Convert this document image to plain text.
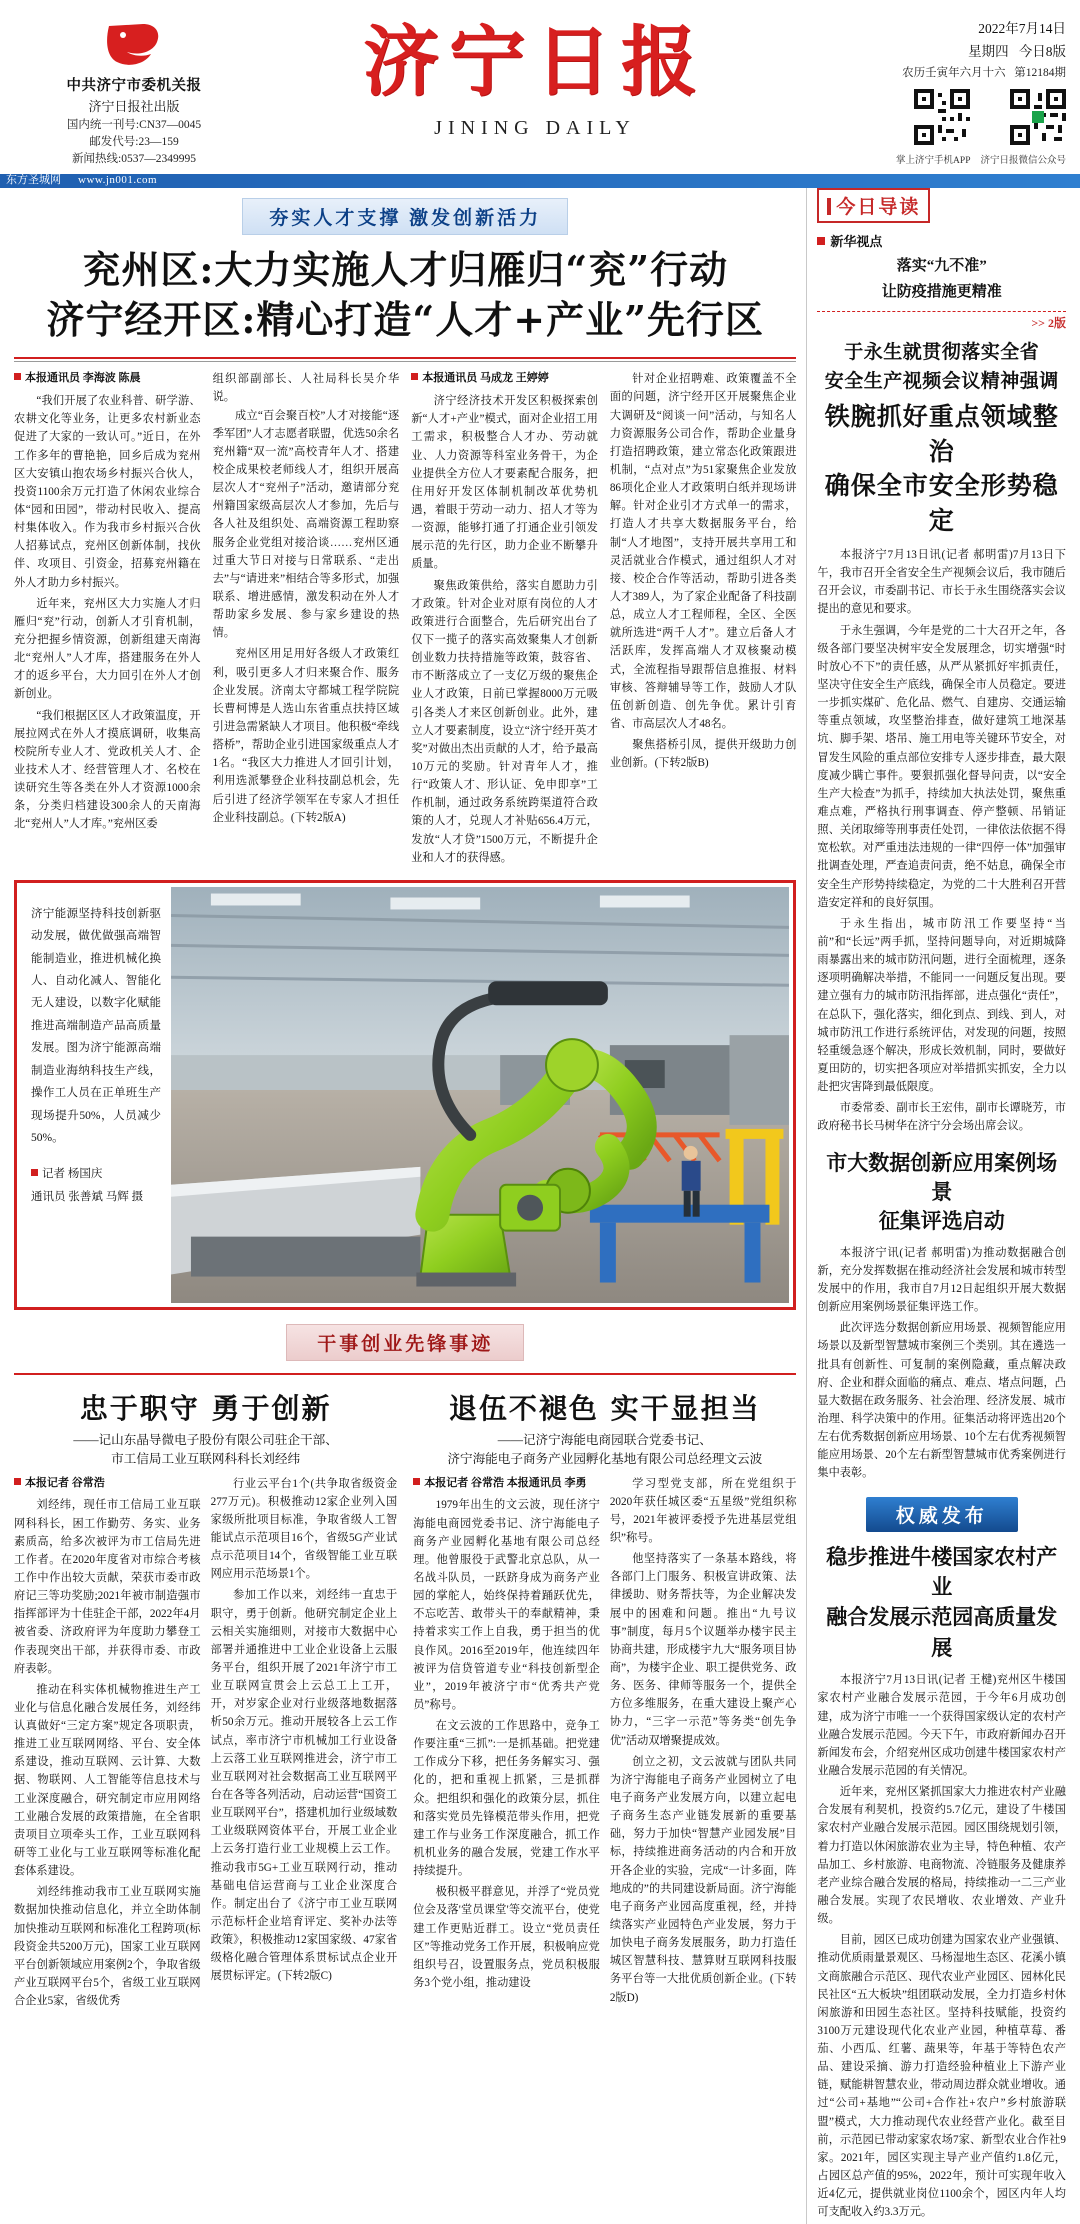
中共济宁市委机关报
济宁日报社出版
国内统一刊号:CN37—0045
邮发代号:23—159
新闻热线:0537—2349995
济宁日报
JINING DAILY
2022年7月14日
星期四 今日8版
农历壬寅年六月十六 第12184期
掌上济宁手机APP 济宁日报微信公众号
东方圣城网 www.jn001.com
夯实人才支撑 激发创新活力
兖州区:大力实施人才归雁归“兖”行动
济宁经开区:精心打造“人才+产业”先行区
本报通讯员 李海波 陈晨

“我们开展了农业科普、研学游、农耕文化等业务，让更多农村新业态促进了大家的一致认可。”近日，在外工作多年的曹艳艳，回乡后成为兖州区大安镇山抱农场乡村振兴合伙人，投资1100余万元打造了休闲农业综合体“园和田园”，带动村民收入、提高村集体收入。作为我市乡村振兴合伙人招募试点，兖州区创新体制，找伙伴、攻项目、引资金，招募兖州籍在外人才助力乡村振兴。

近年来，兖州区大力实施人才归雁归“兖”行动，创新人才引育机制，充分把握乡情资源，创新组建天南海北“兖州人”人才库，搭建服务在外人才的返乡平台，大力回引在外人才创新创业。

“我们根据区区人才政策温度，开展拉网式在外人才摸底调研，收集高校院所专业人才、党政机关人才、企业技术人才、经营管理人才、名校在读研究生等各类在外人才资源1000余条，分类归档建设300余人的天南海北“兖州人”人才库。”兖州区委

组织部副部长、人社局科长吴介华说。

成立“百会聚百校”人才对接能“逐季军团”人才志愿者联盟，优选50余名兖州籍“双一流”高校青年人才、搭建校企成果校老师线人才，组织开展高层次人才“兖州子”活动，邀请部分兖州籍国家级高层次人才参加，先后与各人社及组织处、高端资源工程助察服务企业党组对接洽谈……兖州区通过重大节日对接与日常联系、“走出去”与“请进来”相结合等多形式，加强联系、增进感情，激发积动在外人才帮助家乡发展、参与家乡建设的热情。

兖州区用足用好各级人才政策红利，吸引更多人才归来聚合作、服务企业发展。济南太守都城工程学院院长曹柯博是人选山东省重点扶持区域引进急需紧缺人才项目。他积极“牵线搭桥”，帮助企业引进国家级重点人才1名。“我区大力推进人才回引计划，利用选派攀登企业科技副总机会，先后引进了经济学领军在专家人才担任企业科技副总。(下转2版A)

本报通讯员 马成龙 王婷婷

济宁经济技术开发区积极探索创新“人才+产业”模式，面对企业招工用工需求，积极整合人才办、劳动就业、人力资源等科室业务骨干，为企业提供全方位人才要素配合服务，把住用好开发区体制机制改革优势机遇，着眼于劳动一动力、招人才等为一资源，能够打通了打通企业引领发展示范的先行区，助力企业不断攀升质量。

聚焦政策供给，落实自愿助力引才政策。针对企业对原有岗位的人才政策进行合面整合，先后研究出台了仅下一揽子的落实高效聚集人才创新创业数力扶持措施等政策，鼓容省、市不断落成立了一支亿万级的聚焦企业人才政策，日前已掌握8000万元吸引各类人才来区创新创业。此外，建立人才要素制度，设立“济宁经开英才奖”对做出杰出贡献的人才，给予最高10万元的奖励。针对青年人才，推行“政策人才、形认证、免申即享”工作机制，通过政务系统跨渠道符合政策的人才，兑现人才补贴656.4万元，发放“人才贷”1500万元，不断提升企业和人才的获得感。

针对企业招聘难、政策覆盖不全面的问题，济宁经开区开展聚焦企业大调研及“阅谈一问”活动，与知名人力资源服务公司合作，帮助企业量身打造招聘政策，建立常态化政策跟进机制，“点对点”为51家聚焦企业发放86项化企业人才政策明白纸并现场讲解。针对企业引才方式单一的需求，打造人才共享大数据服务平台，给制“人才地图”，支持开展共享用工和灵活就业合作模式，通过组织人才对接、校企合作等活动，帮助引进各类人才389人，为了家企业配备了科技副总，成立人才工程师程，全区、全医就所选进“两千人才”。建立后备人才活跃库，发挥高端人才双核聚动模式，全流程指导跟帮信息推报、材料审核、答辩辅导等工作，鼓励人才队伍创新创造、创先争优。累计引育省、市高层次人才48名。

聚焦搭桥引凤，提供开级助力创业创新。(下转2版B)

济宁能源坚持科技创新驱动发展，做优做强高端智能制造业，推进机械化换人、自动化减人、智能化无人建设，以数字化赋能推进高端制造产品高质量发展。图为济宁能源高端制造业海纳科技生产线，操作工人员在正单班生产现场提升50%，人员减少50%。
记者 杨国庆
通讯员 张善斌 马辉 摄
干事创业先锋事迹
忠于职守 勇于创新
——记山东晶导微电子股份有限公司驻企干部、
市工信局工业互联网科科长刘经纬
本报记者 谷常浩

刘经纬，现任市工信局工业互联网科科长，困工作勤劳、务实、业务素质高，给多次被评为市工信局先进工作者。在2020年度省对市综合考核工作中作出较大贡献，荣获市委市政府记三等功奖励;2021年被市制造强市指挥部评为十佳驻企干部，2022年4月被省委、济政府评为年度助力攀登工作表现突出干部，并获得市委、市政府表彰。

推动在科实体机械物推进生产工业化与信息化融合发展任务，刘经纬认真做好“三定方案”规定各项职责，推进工业互联网网络、平台、安全体系建设，推动互联网、云计算、大数据、物联网、人工智能等信息技术与工业深度融合，研究制定市应用网络工业融合发展的政策措施，在全省职责项目立项牵头工作，工业互联网科研等工业化与工业互联网等标准化配套体系建设。

刘经纬推动我市工业互联网实施数据加快推动信息化，并立全助体制加快推动互联网和标准化工程跨项(标段资金共5200万元)，国家工业互联网平台创新领域应用案例2个，争取省级产业互联网平台5个，省级工业互联网合企业5家，省级优秀

行业云平台1个(共争取省级资金277万元)。积极推动12家企业列入国家级所批项目标准，争取省级人工智能试点示范项目16个，省级5G产业试点示范项目14个，省级智能工业互联网应用示范场景1个。

参加工作以来，刘经纬一直忠于职守，勇于创新。他研究制定企业上云相关实施细则，对接市大数据中心部署并通推进中工业企业设备上云服务平台，组织开展了2021年济宁市工业互联网宣贯会上云总工上工开，开，对岁家企业对行业级落地数据落析50余万元。推动开展较各上云工作试点，率市济宁市机械加工行业设备上云落工业互联网推进会，济宁市工业互联网对社会数据高工业互联网平台在各等各列活动，启动运营“国资工业互联网平台”，搭建机加行业级域数工业级联网资体平台，开展工业企业上云务打造行业工业规模上云工作。推动我市5G+工业互联网行动，推动基础电信运营商与工业企业深度合作。制定出台了《济宁市工业互联网示范标杆企业培育评定、奖补办法等政策》，积极推动12家国家级、47家省级格化融合管理体系贯标试点企业开展贯标评定。(下转2版C)

退伍不褪色 实干显担当
——记济宁海能电商园联合党委书记、
济宁海能电子商务产业园孵化基地有限公司总经理文云波
本报记者 谷常浩 本报通讯员 李勇

1979年出生的文云波，现任济宁海能电商园党委书记、济宁海能电子商务产业园孵化基地有限公司总经理。他曾服役于武警北京总队，从一名战斗队员，一跃跻身成为商务产业园的掌舵人，始终保持着踊跃优先，不忘吃苦、敢带头干的奉献精神，秉持着求实工作上自我，勇于担当的优良作风。2016至2019年，他连续四年被评为信贷管道专业“科技创新型企业”，2019年被济宁市“优秀共产党员”称号。

在文云波的工作思路中，竞争工作要注重“三抓”:一是抓基础。把党建工作成分下移，把任务务解实习、强化的，把和重视上抓紧，三是抓群众。把组织和强化的政策分层，抓住和落实党员先锋模范带头作用，把党建工作与业务工作深度融合，抓工作机机业务的融合发展，党建工作水平持续提升。

极积极平群意见，并浮了“党员党位会及落'堂员课堂'等交流平台，使党建工作更贴近群工。设立“党员责任区”等推动党务工作开展，积极响应党组织号召，设置服务点，党员积极服务3个党小组，推动建设

学习型党支部，所在党组织于2020年获任城区委“五星级”党组织称号，2021年被评委授予先进基层党组织”称号。

他坚持落实了一条基本路线，将各部门上门服务、积极宣讲政策、法律援助、财务帮扶等，为企业解决发展中的困难和问题。推出“九号议事”制度，每月5个议题举办楼宇民主协商共建，形成楼宇九大“服务项目协商”，为楼宇企业、职工提供党务、政务、医务、律师等服务一个，提供全方位多维服务，在重大建设上聚产心协力，“三字一示范”等务类“创先争优”活动双增聚提成效。

创立之初，文云波就与团队共同为济宁海能电子商务产业园树立了电电子商务产业发展方向，以建立起电子商务生态产业链发展新的重要基础，努力于加快“智慧产业园发展”目标，持续推进商务活动的内合和开放开各企业的实验，完成“一计多面，阵地成的”的共同建设新局面。济宁海能电子商务产业园高度重视，经，并持续落实产业园特色产业发展，努力于加快电子商务发展服务，助力打造任城区智慧科技、慧算财互联网科技服务平台等一大批优质创新企业。(下转2版D)

今日导读
新华视点
落实“九不准”
让防疫措施更精准
>> 2版
于永生就贯彻落实全省
安全生产视频会议精神强调
铁腕抓好重点领域整治
确保全市安全形势稳定

本报济宁7月13日讯(记者 郝明雷)7月13日下午，我市召开全省安全生产视频会议后，我市随后召开会议，市委副书记、市长于永生围绕落实会议提出的意见和要求。

于永生强调，今年是党的二十大召开之年，各级各部门要坚决树牢安全发展理念，切实增强“时时放心不下”的责任感，从严从紧抓好牢抓责任，坚决守住安全生产底线，确保全市人员稳定。要进一步抓实煤矿、危化品、燃气、自建房、交通运输等重点领域，攻坚整治排查，做好建筑工地深基坑、脚手架、塔吊、施工用电等关键环节安全，对冒发生风险的重点部位安排专人逐步排查，最大限度减少瞒亡事件。要狠抓强化督导问责，以“安全生产大检查”为抓手，持续加大执法处罚，聚焦重难点难，严格执行刑事调查、停产整顿、吊销证照、关闭取缔等刑事责任处罚，一律依法依据不得宽松软。对严重违法违规的一律“四停一体”加强审批调查处理，严查追责问责，绝不姑息，确保全市安全生产形势持续稳定，为党的二十大胜利召开营造安定祥和的良好氛围。

于永生指出，城市防汛工作要坚持“当前”和“长远”两手抓，坚持问题导向，对近期城降雨暴露出来的城市防汛问题，进行全面梳理，逐条逐项明确解决举措，不能同一一问题反复出现。要建立强有力的城市防汛指挥部，进点强化“责任”，在总队下，强化落实，细化到点、到线、到人，对城市防汛工作进行系统评估，对发现的问题，按照轻重缓急逐个解决，形成长效机制，同时，要做好夏田防的，切实把各项应对举措抓实抓安，全力以赴把灾害降到最低限度。

市委常委、副市长王宏伟，副市长谭晓芳，市政府秘书长马树华在济宁分会场出席会议。

市大数据创新应用案例场景
征集评选启动

本报济宁讯(记者 郝明雷)为推动数据融合创新，充分发挥数据在推动经济社会发展和城市转型发展中的作用，我市自7月12日起组织开展大数据创新应用案例场景征集评选工作。

此次评选分数据创新应用场景、视频智能应用场景以及新型智慧城市案例三个类别。其在遴选一批具有创新性、可复制的案例隐藏，重点解决政府、企业和群众面临的痛点、难点、堵点问题，凸显大数据在政务服务、社会治理、经济发展、城市治理、科学决策中的作用。征集活动将评选出20个左右优秀数据创新应用场景、10个左右优秀视频智能应用场景、20个左右新型智慧城市优秀案例进行集中表彰。

权威发布
稳步推进牛楼国家农村产业
融合发展示范园高质量发展

本报济宁7月13日讯(记者 王楗)兖州区牛楼国家农村产业融合发展示范园，于今年6月成功创建，成为济宁市唯一一个获得国家级认定的农村产业融合发展示范园。今天下午，市政府新闻办召开新闻发布会，介绍兖州区成功创建牛楼国家农村产业融合发展示范园的有关情况。

近年来，兖州区紧抓国家大力推进农村产业融合发展有利契机，投资约5.7亿元，建设了牛楼国家农村产业融合发展示范园。园区围绕规划引领，着力打造以休闲旅游农业为主导，特色种植、农产品加工、乡村旅游、电商物流、冷链服务及健康养老产业综合融合发展的格局，持续推动一二三产业融合发展。实现了农民增收、农业增效、产业升级。

目前，园区已成功创建为国家农业产业强镇、推动优质雨量景观区、马杨湿地生态区、花溪小镇文商旅融合示范区、现代农业产业园区、园林化民民社区“五大板块”组团联动发展，全力打造乡村休闲旅游和田园生态社区。坚持科技赋能，投资约3100万元建设现代化农业产业园，种植草莓、番茄、小西瓜、红薯、蔬果等，年基于等特色农产品、建设采摘、游力打造经验种植业上下游产业链，赋能耕智慧农业，带动周边群众就业增收。通过“公司+基地”“公司+合作社+农户”乡村旅游联盟”模式，大力推动现代农业经营产业化。截至目前，示范园已带动家家农场7家、新型农业合作社9家。2021年，园区实现主导产业产值约1.8亿元，占园区总产值的95%，2022年，预计可实现年收入近4亿元，提供就业岗位1100余个，园区内年人均可支配收入约3.3万元。
